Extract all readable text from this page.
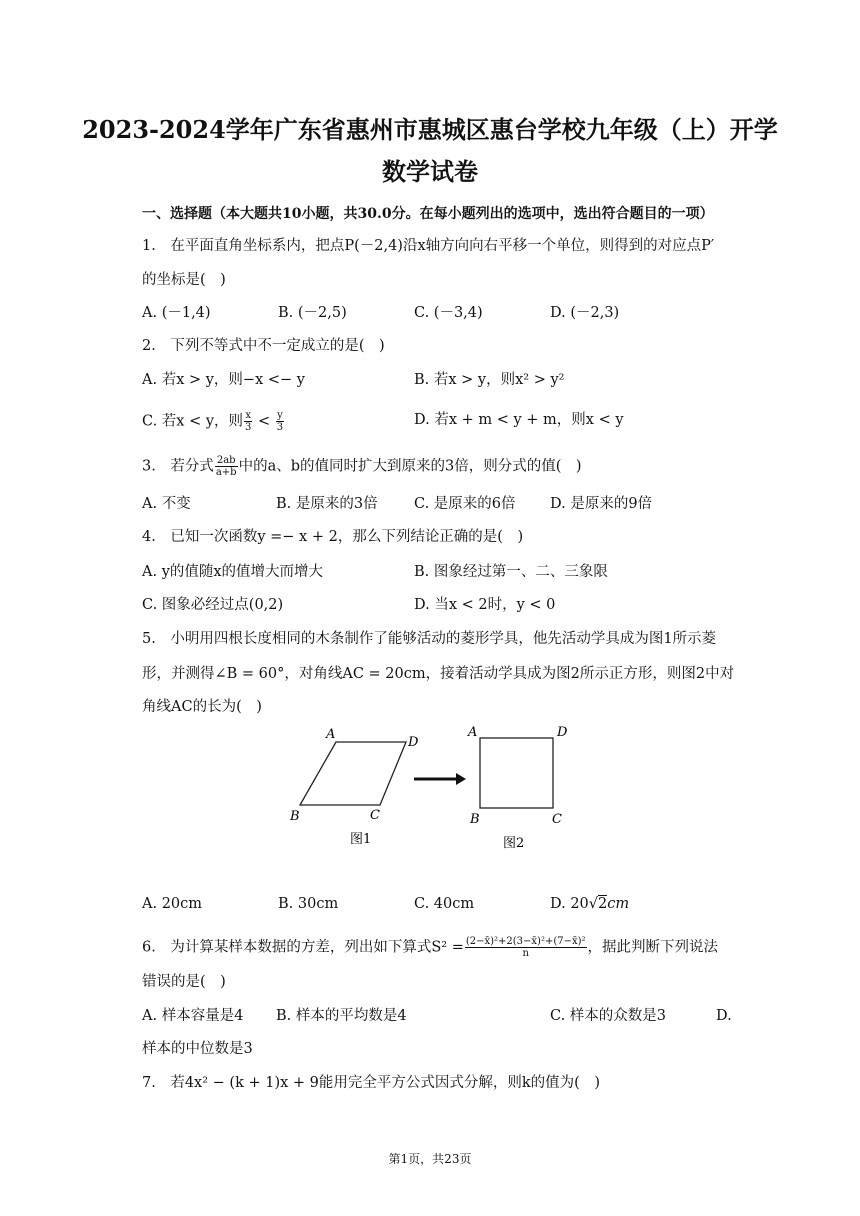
2023-2024学年广东省惠州市惠城区惠台学校九年级（上）开学
数学试卷
一、选择题（本大题共10小题，共30.0分。在每小题列出的选项中，选出符合题目的一项）
1.　在平面直角坐标系内，把点P(－2,4)沿x轴方向向右平移一个单位，则得到的对应点P′
的坐标是(　)
A. (－1,4)	B. (－2,5)	C. (－3,4)	D. (－2,3)
2.　下列不等式中不一定成立的是(　)
A. 若x > y，则−x <− y	B. 若x > y，则x² > y²
C. 若x < y，则 $\frac{x}{3} < \frac{y}{3}$	D. 若x + m < y + m，则x < y
3.　若分式 $\frac{2ab}{a+b}$ 中的a、b的值同时扩大到原来的3倍，则分式的值(　)
A. 不变	B. 是原来的3倍	C. 是原来的6倍 D. 是原来的9倍
4.　已知一次函数y =− x + 2，那么下列结论正确的是(　)
A. y的值随x的值增大而增大	B. 图象经过第一、二、三象限
C. 图象必经过点(0,2)	D. 当x < 2时，y < 0
5.　小明用四根长度相同的木条制作了能够活动的菱形学具，他先活动学具成为图1所示菱
形，并测得∠B = 60°，对角线AC = 20cm，接着活动学具成为图2所示正方形，则图2中对
角线AC的长为(　)
A
D
B	C
图1
A	D
B	C
图2
A. 20cm	B. 30cm	C. 40cm	D. 20√2cm
6.　为计算某样本数据的方差，列出如下算式$S^2 = \frac{\text{(2−x̄)²+2(3−x̄)²+(7−x̄)²}}{n}$ ，据此判断下列说法
错误的是(　)
A. 样本容量是4 B. 样本的平均数是4	C. 样本的众数是3	D.
样本的中位数是3
7.　若4x² − (k + 1)x + 9能用完全平方公式因式分解，则k的值为(　)
第1页，共23页
